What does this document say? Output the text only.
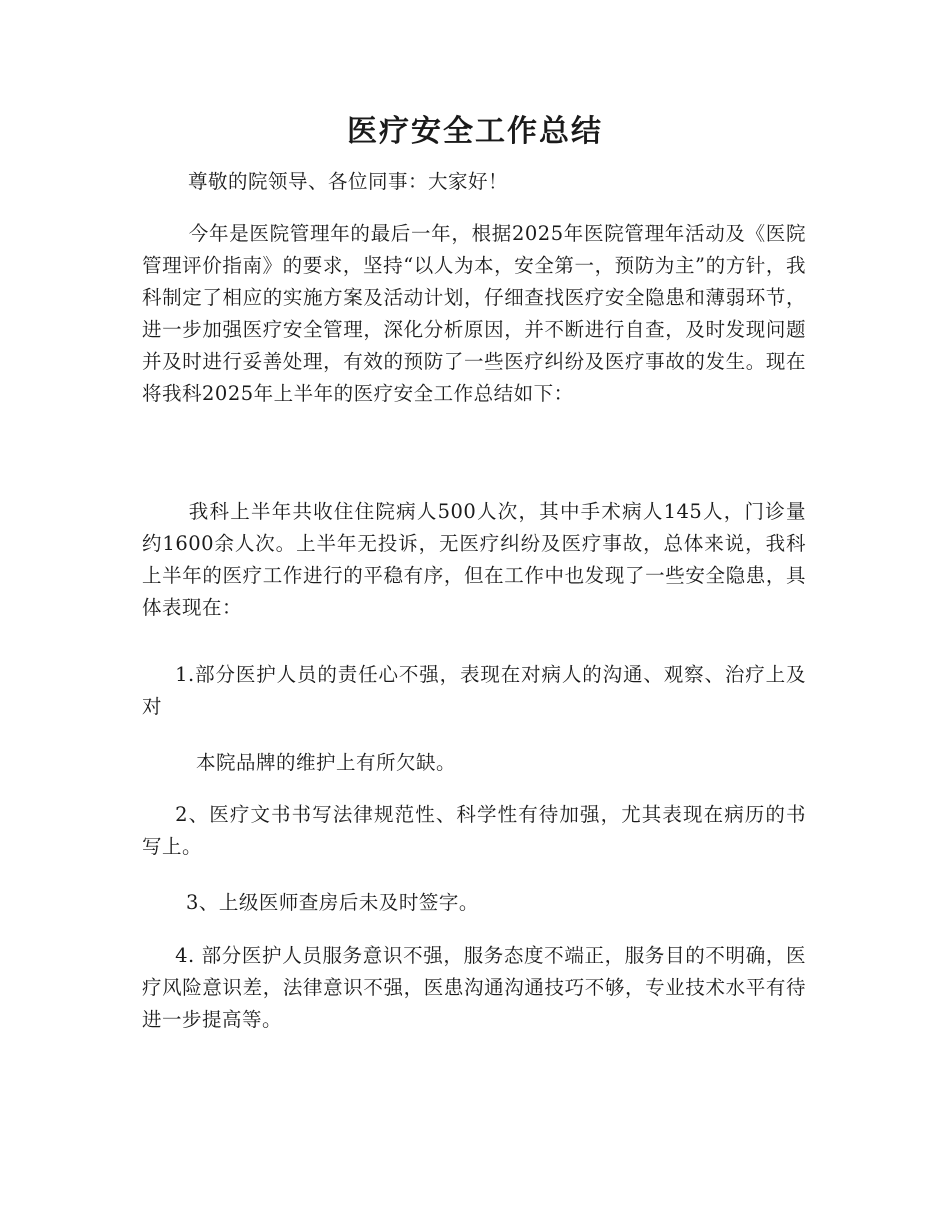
医疗安全工作总结

尊敬的院领导、各位同事：大家好！

今年是医院管理年的最后一年，根据2025年医院管理年活动及《医院管理评价指南》的要求，坚持“以人为本，安全第一，预防为主”的方针，我科制定了相应的实施方案及活动计划，仔细查找医疗安全隐患和薄弱环节，进一步加强医疗安全管理，深化分析原因，并不断进行自查，及时发现问题并及时进行妥善处理，有效的预防了一些医疗纠纷及医疗事故的发生。现在将我科2025年上半年的医疗安全工作总结如下：

我科上半年共收住住院病人500人次，其中手术病人145人，门诊量约1600余人次。上半年无投诉，无医疗纠纷及医疗事故，总体来说，我科上半年的医疗工作进行的平稳有序，但在工作中也发现了一些安全隐患，具体表现在：

1.部分医护人员的责任心不强，表现在对病人的沟通、观察、治疗上及对

本院品牌的维护上有所欠缺。

2、医疗文书书写法律规范性、科学性有待加强，尤其表现在病历的书写上。

3、上级医师查房后未及时签字。

4. 部分医护人员服务意识不强，服务态度不端正，服务目的不明确，医疗风险意识差，法律意识不强，医患沟通沟通技巧不够，专业技术水平有待进一步提高等。
